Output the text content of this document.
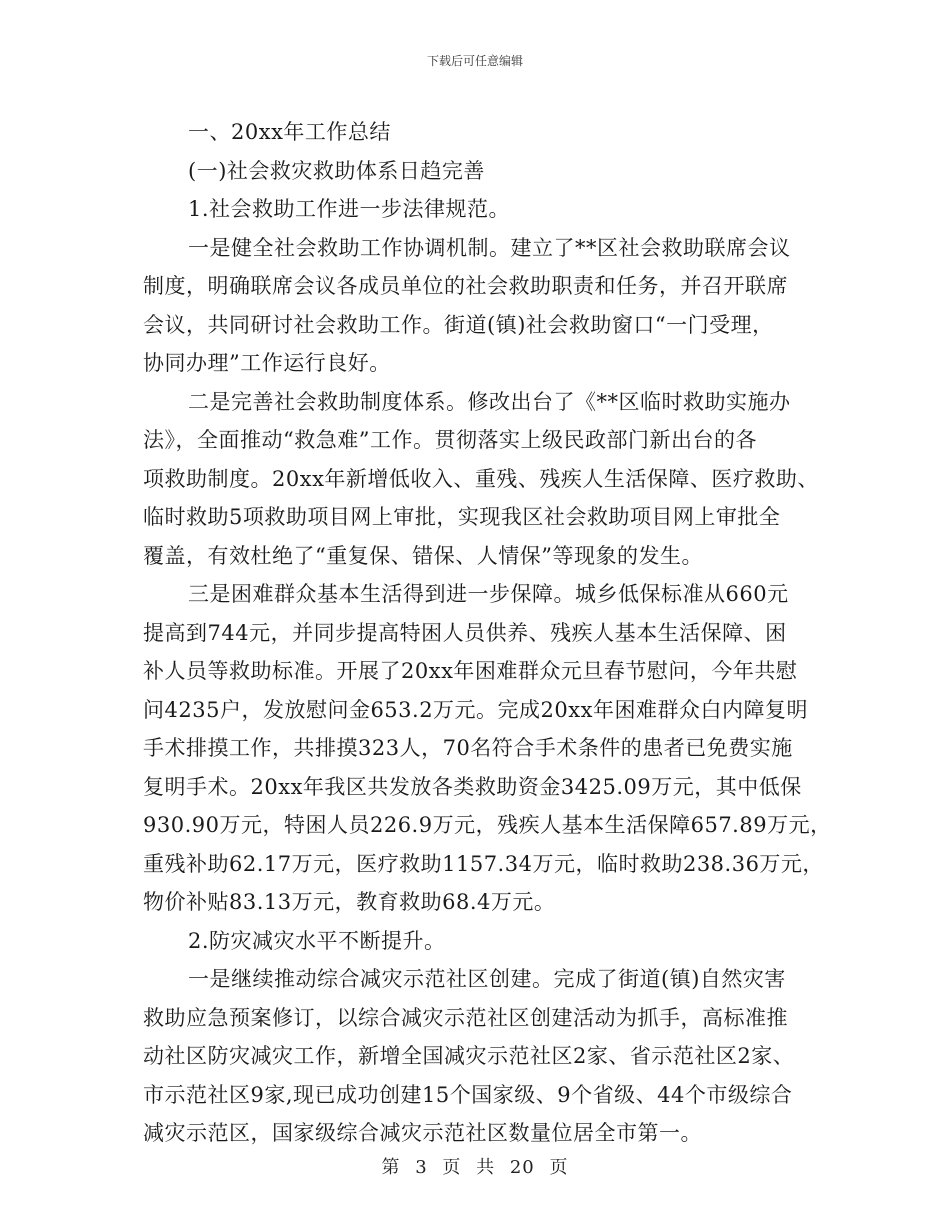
下载后可任意编辑
一、20xx年工作总结
(一)社会救灾救助体系日趋完善
1.社会救助工作进一步法律规范。
一是健全社会救助工作协调机制。建立了**区社会救助联席会议
制度，明确联席会议各成员单位的社会救助职责和任务，并召开联席
会议，共同研讨社会救助工作。街道(镇)社会救助窗口“一门受理，
协同办理”工作运行良好。
二是完善社会救助制度体系。修改出台了《**区临时救助实施办
法》，全面推动“救急难”工作。贯彻落实上级民政部门新出台的各
项救助制度。20xx年新增低收入、重残、残疾人生活保障、医疗救助、
临时救助5项救助项目网上审批，实现我区社会救助项目网上审批全
覆盖，有效杜绝了“重复保、错保、人情保”等现象的发生。
三是困难群众基本生活得到进一步保障。城乡低保标准从660元
提高到744元，并同步提高特困人员供养、残疾人基本生活保障、困
补人员等救助标准。开展了20xx年困难群众元旦春节慰问，今年共慰
问4235户，发放慰问金653.2万元。完成20xx年困难群众白内障复明
手术排摸工作，共排摸323人，70名符合手术条件的患者已免费实施
复明手术。20xx年我区共发放各类救助资金3425.09万元，其中低保
930.90万元，特困人员226.9万元，残疾人基本生活保障657.89万元，
重残补助62.17万元，医疗救助1157.34万元，临时救助238.36万元，
物价补贴83.13万元，教育救助68.4万元。
2.防灾减灾水平不断提升。
一是继续推动综合减灾示范社区创建。完成了街道(镇)自然灾害
救助应急预案修订，以综合减灾示范社区创建活动为抓手，高标准推
动社区防灾减灾工作，新增全国减灾示范社区2家、省示范社区2家、
市示范社区9家,现已成功创建15个国家级、9个省级、44个市级综合
减灾示范区，国家级综合减灾示范社区数量位居全市第一。
第 3 页 共 20 页
